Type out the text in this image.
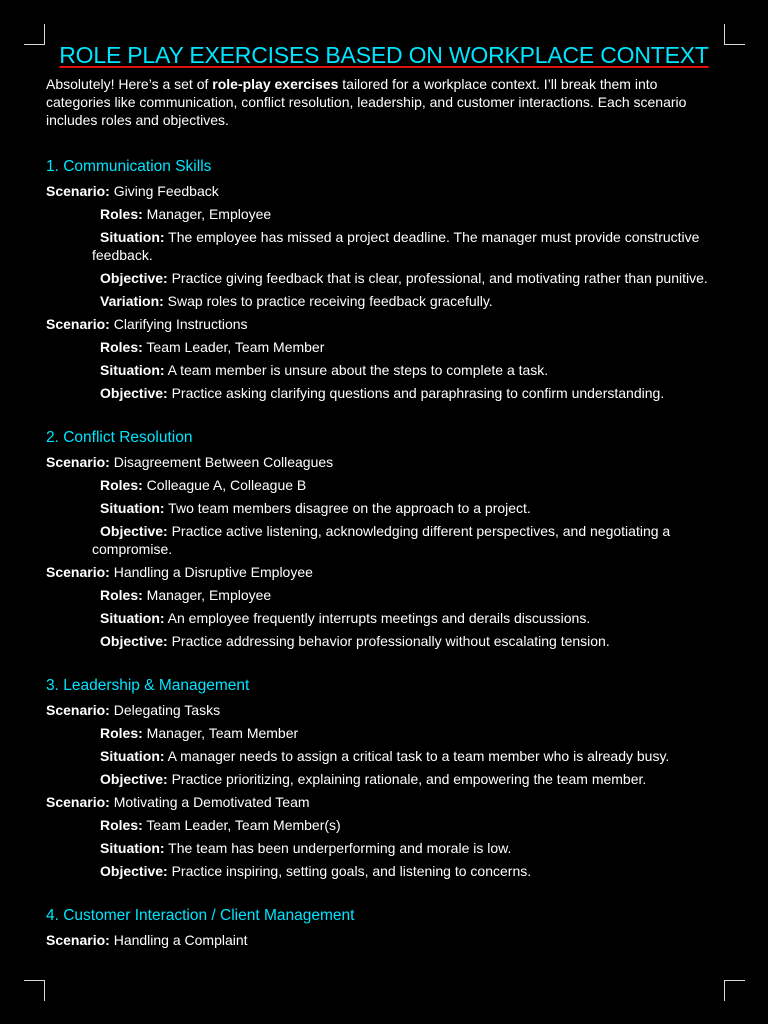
ROLE PLAY EXERCISES BASED ON WORKPLACE CONTEXT

Absolutely! Here’s a set of role-play exercises tailored for a workplace context. I’ll break them into categories like communication, conflict resolution, leadership, and customer interactions. Each scenario includes roles and objectives.

1. Communication Skills

Scenario: Giving Feedback

Roles: Manager, Employee
Situation: The employee has missed a project deadline. The manager must provide constructive feedback.
Objective: Practice giving feedback that is clear, professional, and motivating rather than punitive.
Variation: Swap roles to practice receiving feedback gracefully.

Scenario: Clarifying Instructions

Roles: Team Leader, Team Member
Situation: A team member is unsure about the steps to complete a task.
Objective: Practice asking clarifying questions and paraphrasing to confirm understanding.
2. Conflict Resolution

Scenario: Disagreement Between Colleagues

Roles: Colleague A, Colleague B
Situation: Two team members disagree on the approach to a project.
Objective: Practice active listening, acknowledging different perspectives, and negotiating a compromise.

Scenario: Handling a Disruptive Employee

Roles: Manager, Employee
Situation: An employee frequently interrupts meetings and derails discussions.
Objective: Practice addressing behavior professionally without escalating tension.
3. Leadership & Management

Scenario: Delegating Tasks

Roles: Manager, Team Member
Situation: A manager needs to assign a critical task to a team member who is already busy.
Objective: Practice prioritizing, explaining rationale, and empowering the team member.

Scenario: Motivating a Demotivated Team

Roles: Team Leader, Team Member(s)
Situation: The team has been underperforming and morale is low.
Objective: Practice inspiring, setting goals, and listening to concerns.
4. Customer Interaction / Client Management

Scenario: Handling a Complaint
